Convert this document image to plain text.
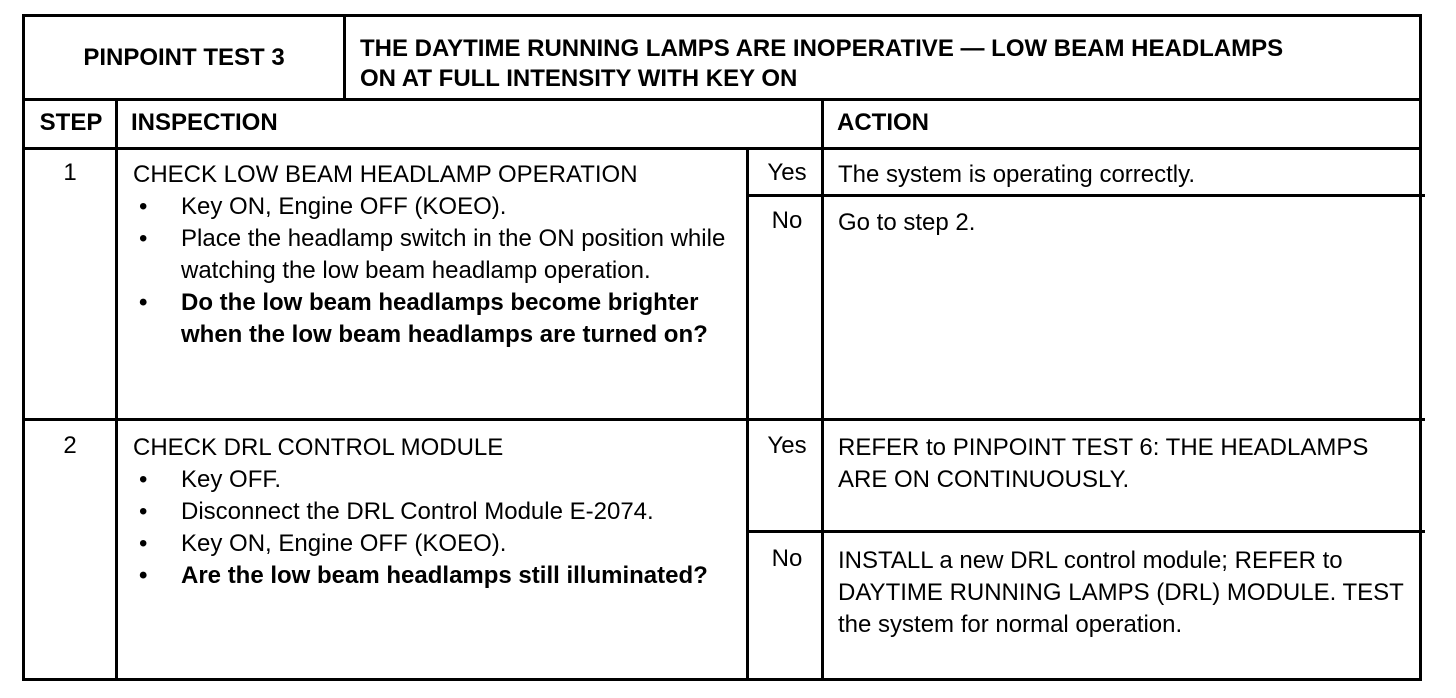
PINPOINT TEST 3	THE DAYTIME RUNNING LAMPS ARE INOPERATIVE — LOW BEAM HEADLAMPS
ON AT FULL INTENSITY WITH KEY ON
STEP	INSPECTION	ACTION
1	CHECK LOW BEAM HEADLAMP OPERATION
• Key ON, Engine OFF (KOEO).
• Place the headlamp switch in the ON position while watching the low beam headlamp operation.
• Do the low beam headlamps become brighter when the low beam headlamps are turned on?
Yes	The system is operating correctly.
No	Go to step 2.
2	CHECK DRL CONTROL MODULE
• Key OFF.
• Disconnect the DRL Control Module E-2074.
• Key ON, Engine OFF (KOEO).
• Are the low beam headlamps still illuminated?
Yes	REFER to PINPOINT TEST 6: THE HEADLAMPS ARE ON CONTINUOUSLY.
No	INSTALL a new DRL control module; REFER to DAYTIME RUNNING LAMPS (DRL) MODULE. TEST the system for normal operation.
